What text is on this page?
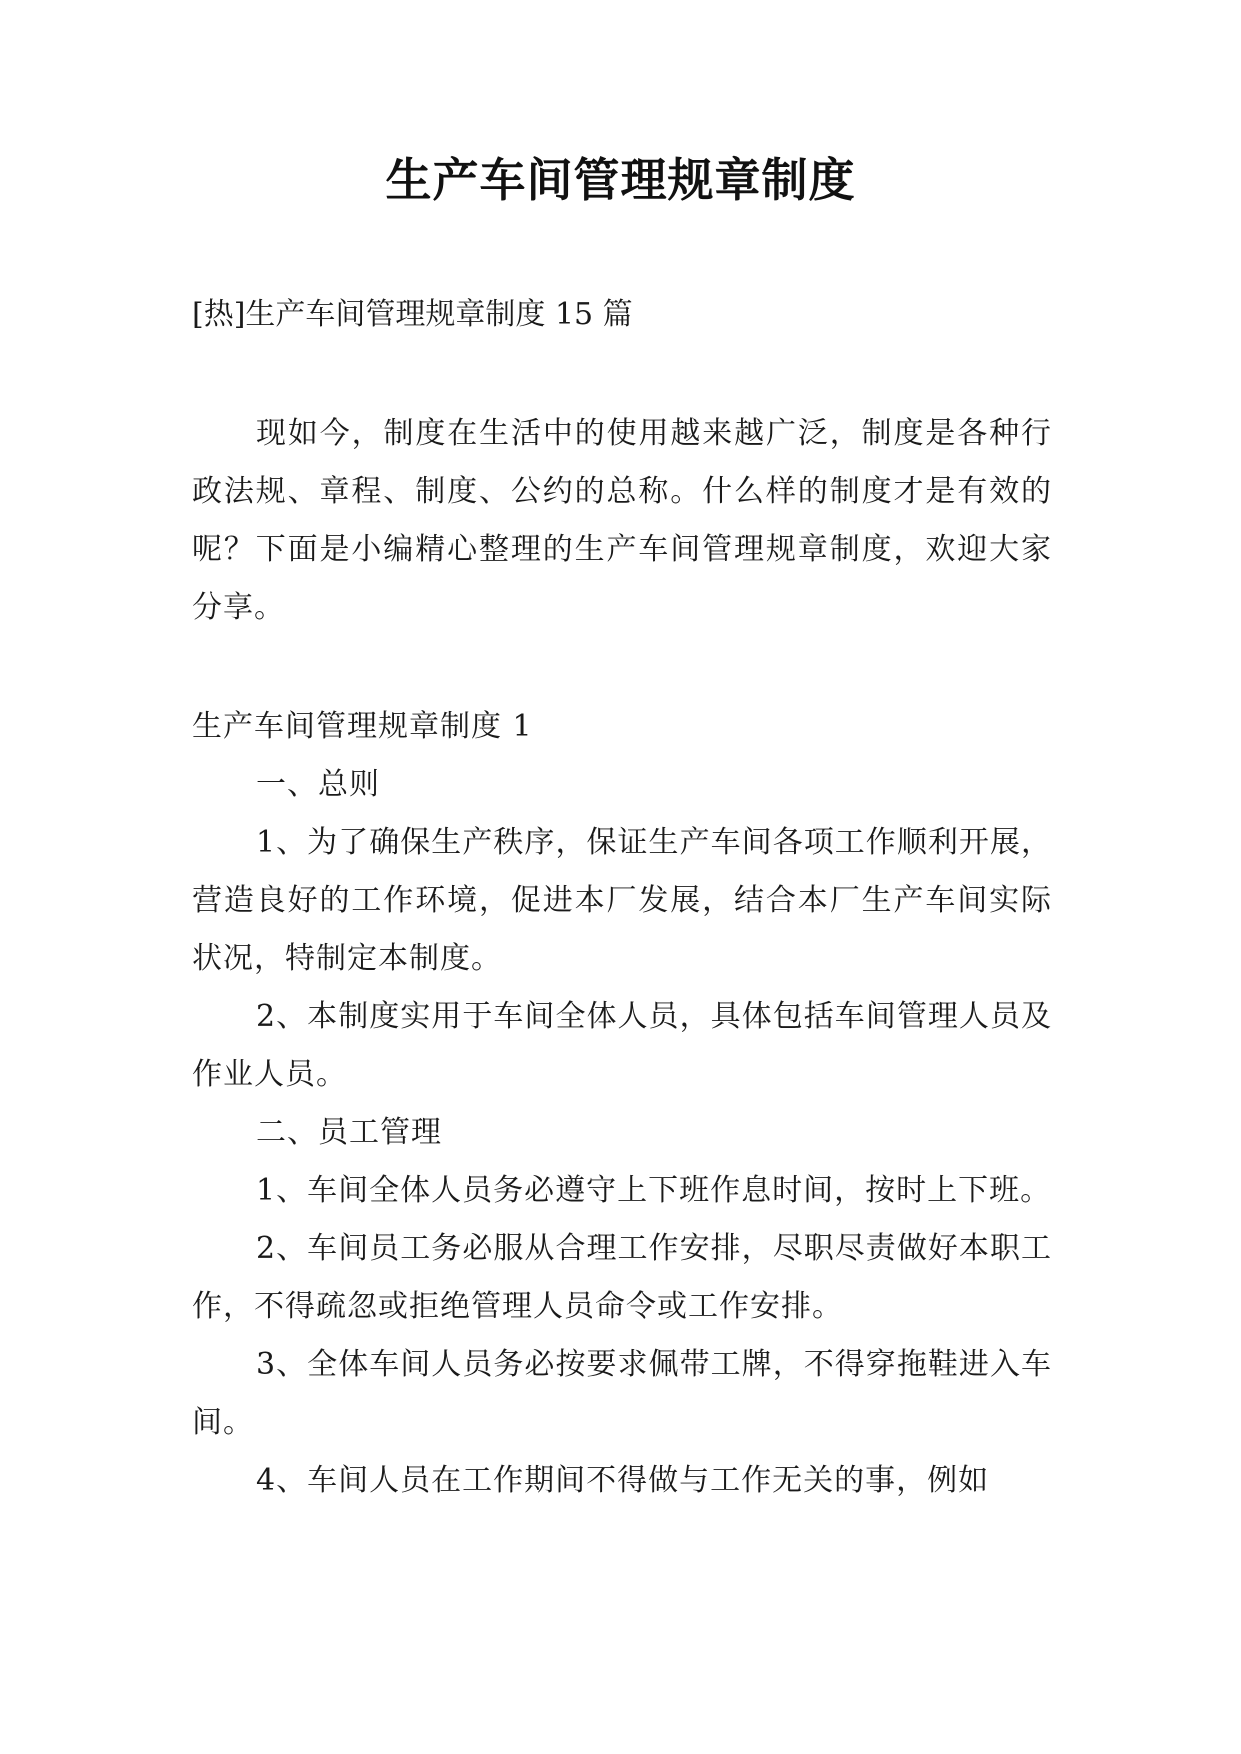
生产车间管理规章制度
[热]生产车间管理规章制度 15 篇

现如今，制度在生活中的使用越来越广泛，制度是各种行政法规、章程、制度、公约的总称。什么样的制度才是有效的呢？下面是小编精心整理的生产车间管理规章制度，欢迎大家分享。

生产车间管理规章制度 1

一、总则

1、为了确保生产秩序，保证生产车间各项工作顺利开展，营造良好的工作环境，促进本厂发展，结合本厂生产车间实际状况，特制定本制度。

2、本制度实用于车间全体人员，具体包括车间管理人员及作业人员。

二、员工管理

1、车间全体人员务必遵守上下班作息时间，按时上下班。

2、车间员工务必服从合理工作安排，尽职尽责做好本职工作，不得疏忽或拒绝管理人员命令或工作安排。

3、全体车间人员务必按要求佩带工牌，不得穿拖鞋进入车间。

4、车间人员在工作期间不得做与工作无关的事，例如
